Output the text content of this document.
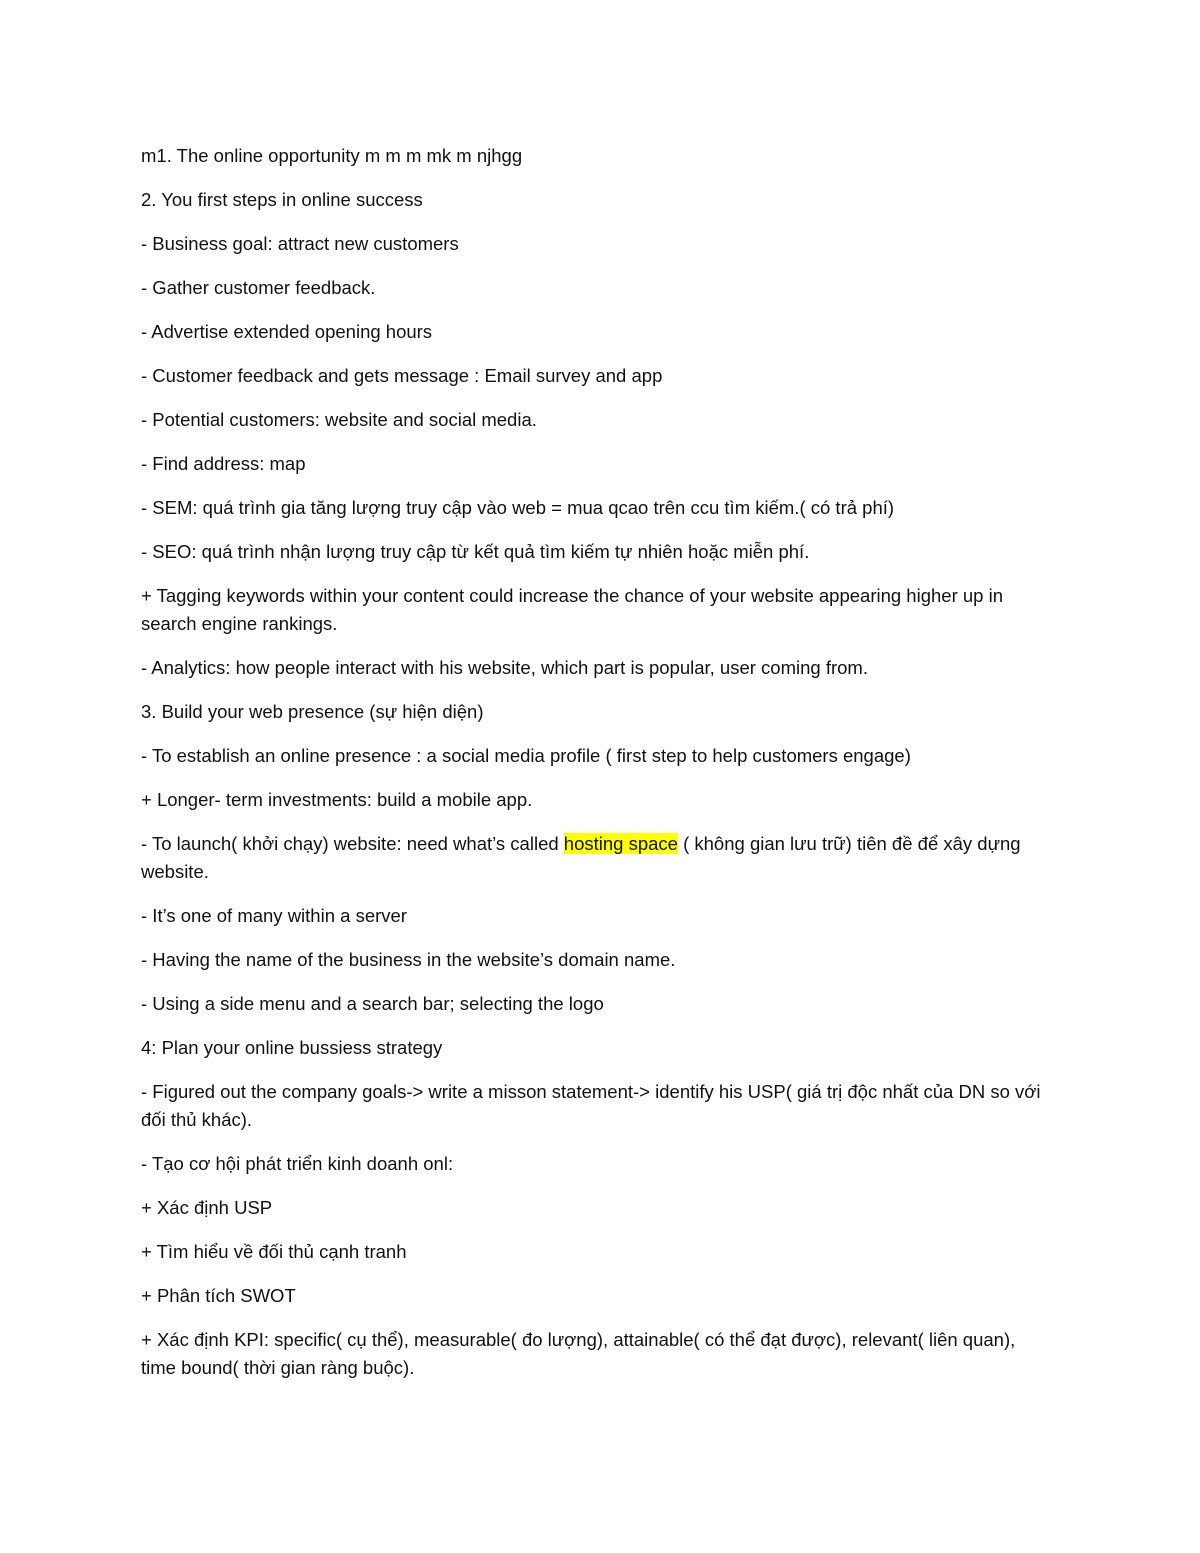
m1. The online opportunity m m m mk m njhgg

2. You first steps in online success

- Business goal: attract new customers

- Gather customer feedback.

- Advertise extended opening hours

- Customer feedback and gets message : Email survey and app

- Potential customers: website and social media.

- Find address: map

- SEM: quá trình gia tăng lượng truy cập vào web = mua qcao trên ccu tìm kiếm.( có trả phí)

- SEO: quá trình nhận lượng truy cập từ kết quả tìm kiếm tự nhiên hoặc miễn phí.

+ Tagging keywords within your content could increase the chance of your website appearing higher up in search engine rankings.

- Analytics: how people interact with his website, which part is popular, user coming from.

3. Build your web presence (sự hiện diện)

- To establish an online presence : a social media profile ( first step to help customers engage)

+ Longer- term investments: build a mobile app.

- To launch( khởi chạy) website: need what’s called hosting space ( không gian lưu trữ) tiên đề để xây dựng website.

- It’s one of many within a server

- Having the name of the business in the website’s domain name.

- Using a side menu and a search bar; selecting the logo

4: Plan your online bussiess strategy

- Figured out the company goals-> write a misson statement-> identify his USP( giá trị độc nhất của DN so với đối thủ khác).

- Tạo cơ hội phát triển kinh doanh onl:

+ Xác định USP

+ Tìm hiểu về đối thủ cạnh tranh

+ Phân tích SWOT

+ Xác định KPI: specific( cụ thể), measurable( đo lượng), attainable( có thể đạt được), relevant( liên quan), time bound( thời gian ràng buộc).
